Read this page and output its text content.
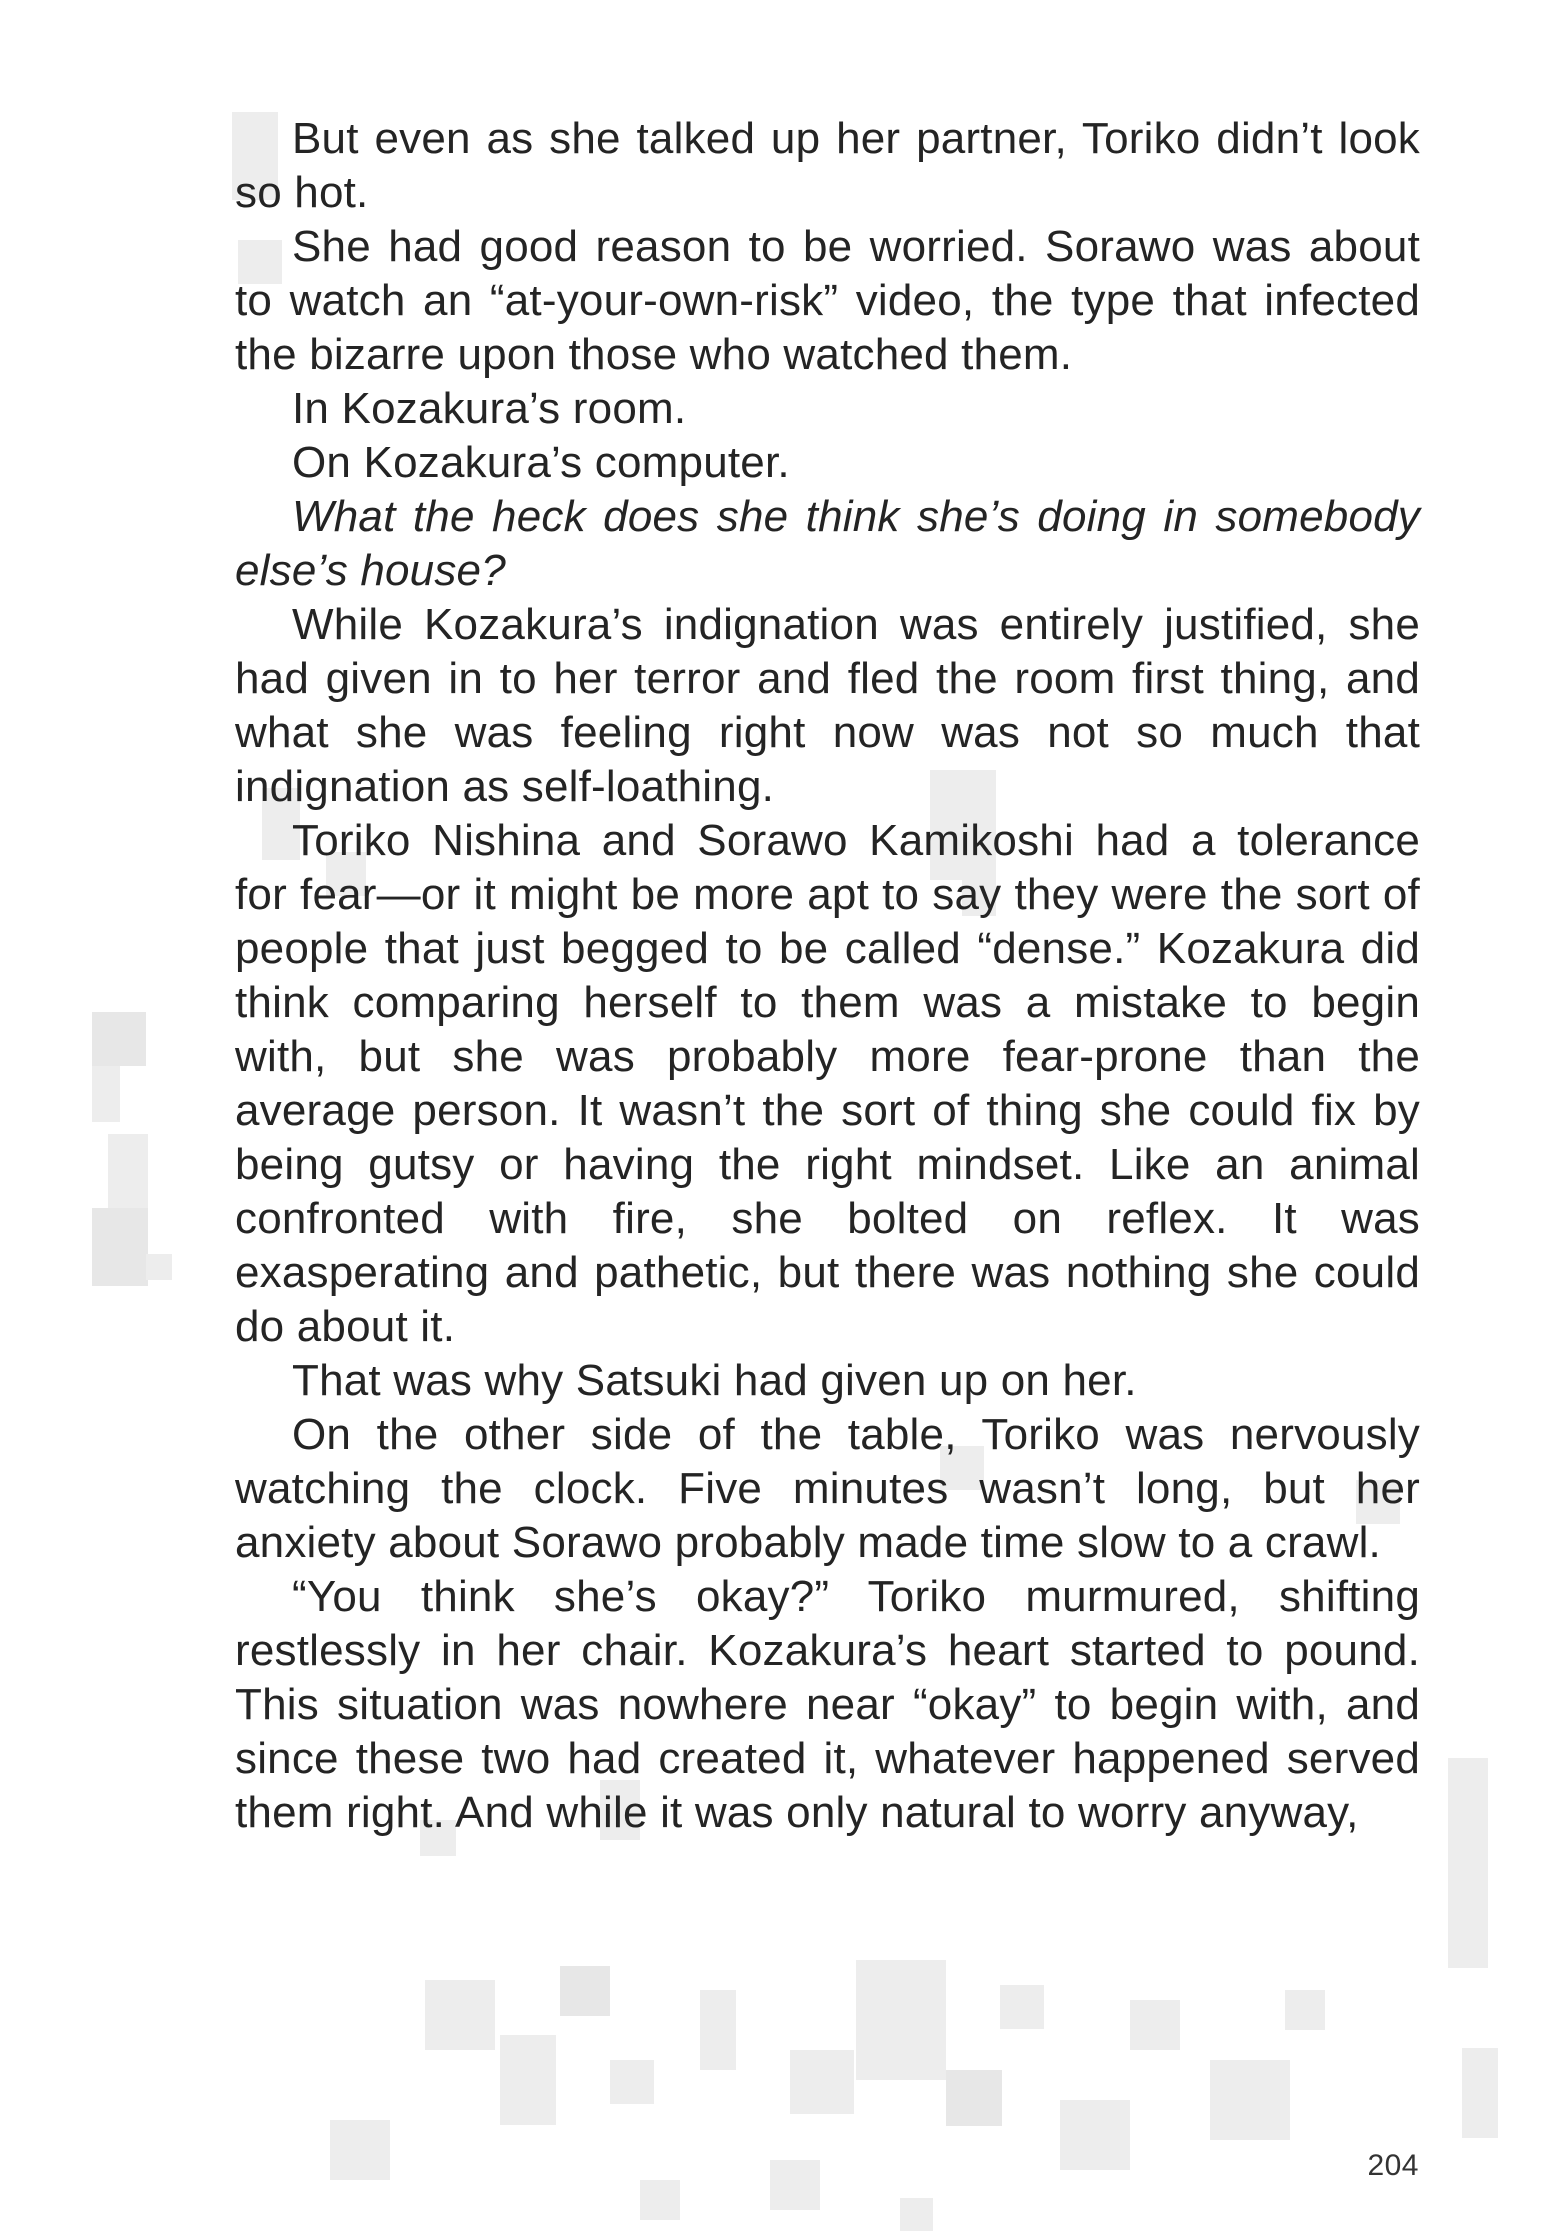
But even as she talked up her partner, Toriko didn’t look so hot.

She had good reason to be worried. Sorawo was about to watch an “at-your-own-risk” video, the type that infected the bizarre upon those who watched them.

In Kozakura’s room.

On Kozakura’s computer.

What the heck does she think she’s doing in somebody else’s house?

While Kozakura’s indignation was entirely justified, she had given in to her terror and fled the room first thing, and what she was feeling right now was not so much that indignation as self-loathing.

Toriko Nishina and Sorawo Kamikoshi had a tolerance for fear—or it might be more apt to say they were the sort of people that just begged to be called “dense.” Kozakura did think comparing herself to them was a mistake to begin with, but she was probably more fear-prone than the average person. It wasn’t the sort of thing she could fix by being gutsy or having the right mindset. Like an animal confronted with fire, she bolted on reflex. It was exasperating and pathetic, but there was nothing she could do about it.

That was why Satsuki had given up on her.

On the other side of the table, Toriko was nervously watching the clock. Five minutes wasn’t long, but her anxiety about Sorawo probably made time slow to a crawl.

“You think she’s okay?” Toriko murmured, shifting restlessly in her chair. Kozakura’s heart started to pound. This situation was nowhere near “okay” to begin with, and since these two had created it, whatever happened served them right. And while it was only natural to worry anyway,

204
